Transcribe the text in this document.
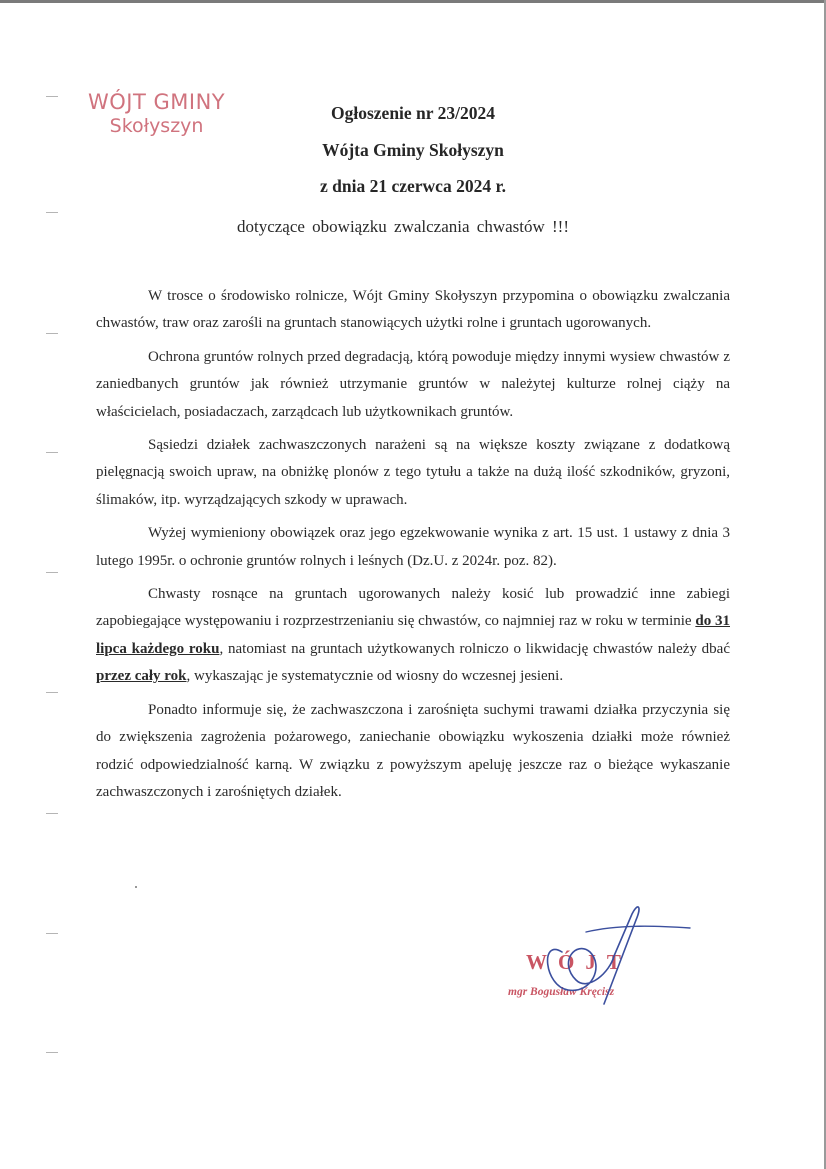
WÓJT GMINY
Skołyszyn
Ogłoszenie nr 23/2024
Wójta Gminy Skołyszyn
z dnia 21 czerwca 2024 r.
dotyczące obowiązku zwalczania chwastów !!!

W trosce o środowisko rolnicze, Wójt Gminy Skołyszyn przypomina o obowiązku zwalczania chwastów, traw oraz zarośli na gruntach stanowiących użytki rolne i gruntach ugorowanych.

Ochrona gruntów rolnych przed degradacją, którą powoduje między innymi wysiew chwastów z zaniedbanych gruntów jak również utrzymanie gruntów w należytej kulturze rolnej ciąży na właścicielach, posiadaczach, zarządcach lub użytkownikach gruntów.

Sąsiedzi działek zachwaszczonych narażeni są na większe koszty związane z dodatkową pielęgnacją swoich upraw, na obniżkę plonów z tego tytułu a także na dużą ilość szkodników, gryzoni, ślimaków, itp. wyrządzających szkody w uprawach.

Wyżej wymieniony obowiązek oraz jego egzekwowanie wynika z art. 15 ust. 1 ustawy z dnia 3 lutego 1995r. o ochronie gruntów rolnych i leśnych (Dz.U. z 2024r. poz. 82).

Chwasty rosnące na gruntach ugorowanych należy kosić lub prowadzić inne zabiegi zapobiegające występowaniu i rozprzestrzenianiu się chwastów, co najmniej raz w roku w terminie do 31 lipca każdego roku, natomiast na gruntach użytkowanych rolniczo o likwidację chwastów należy dbać przez cały rok, wykaszając je systematycznie od wiosny do wczesnej jesieni.

Ponadto informuje się, że zachwaszczona i zarośnięta suchymi trawami działka przyczynia się do zwiększenia zagrożenia pożarowego, zaniechanie obowiązku wykoszenia działki może również rodzić odpowiedzialność karną. W związku z powyższym apeluję jeszcze raz o bieżące wykaszanie zachwaszczonych i zarośniętych działek.

WÓJT
mgr Bogusław Kręcisz
